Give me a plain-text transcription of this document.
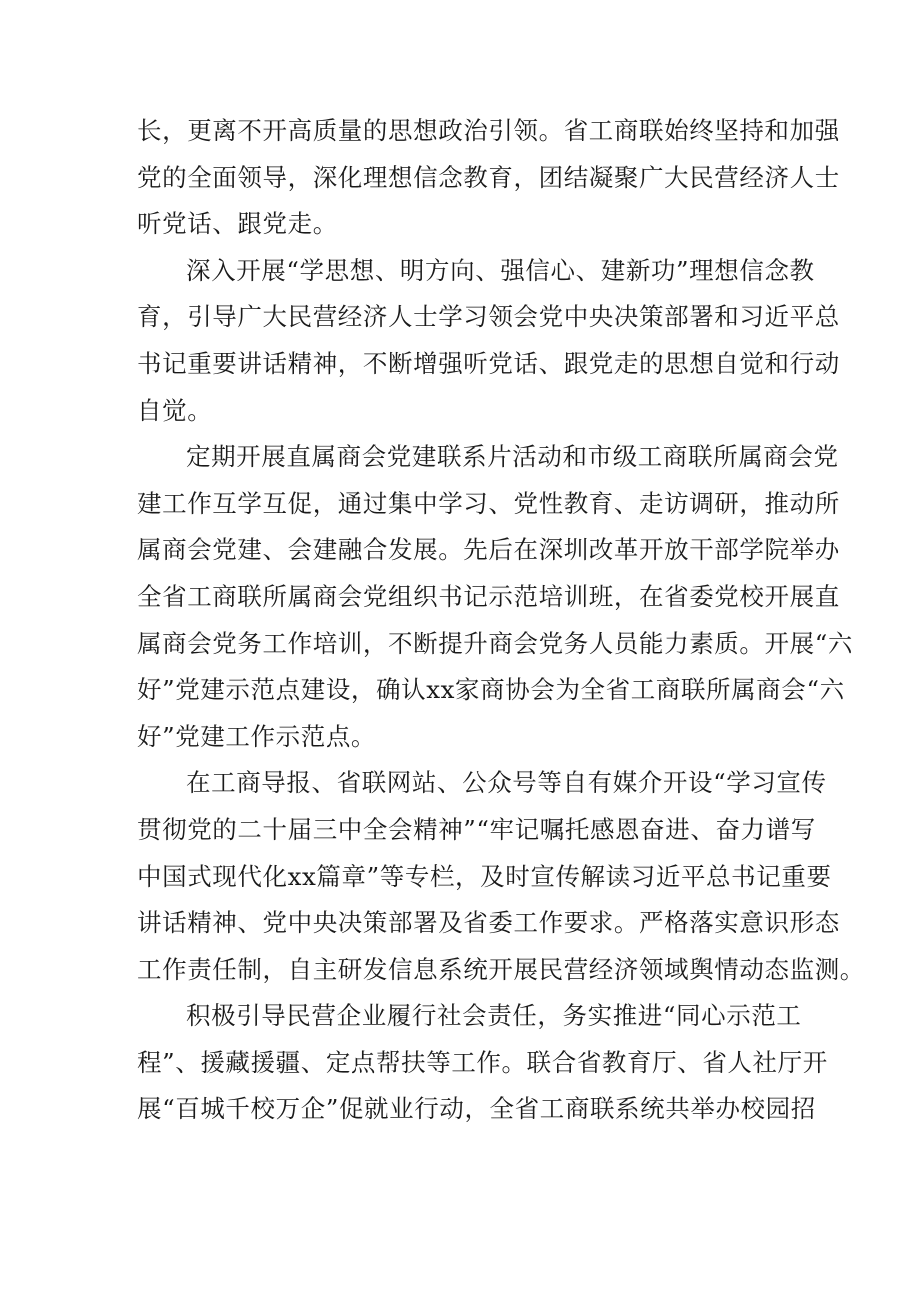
长，更离不开高质量的思想政治引领。省工商联始终坚持和加强
党的全面领导，深化理想信念教育，团结凝聚广大民营经济人士
听党话、跟党走。
深入开展“学思想、明方向、强信心、建新功”理想信念教
育，引导广大民营经济人士学习领会党中央决策部署和习近平总
书记重要讲话精神，不断增强听党话、跟党走的思想自觉和行动
自觉。
定期开展直属商会党建联系片活动和市级工商联所属商会党
建工作互学互促，通过集中学习、党性教育、走访调研，推动所
属商会党建、会建融合发展。先后在深圳改革开放干部学院举办
全省工商联所属商会党组织书记示范培训班，在省委党校开展直
属商会党务工作培训，不断提升商会党务人员能力素质。开展“六
好”党建示范点建设，确认xx家商协会为全省工商联所属商会“六
好”党建工作示范点。
在工商导报、省联网站、公众号等自有媒介开设“学习宣传
贯彻党的二十届三中全会精神”“牢记嘱托感恩奋进、奋力谱写
中国式现代化xx篇章”等专栏，及时宣传解读习近平总书记重要
讲话精神、党中央决策部署及省委工作要求。严格落实意识形态
工作责任制，自主研发信息系统开展民营经济领域舆情动态监测。
积极引导民营企业履行社会责任，务实推进“同心示范工
程”、援藏援疆、定点帮扶等工作。联合省教育厅、省人社厅开
展“百城千校万企”促就业行动，全省工商联系统共举办校园招
